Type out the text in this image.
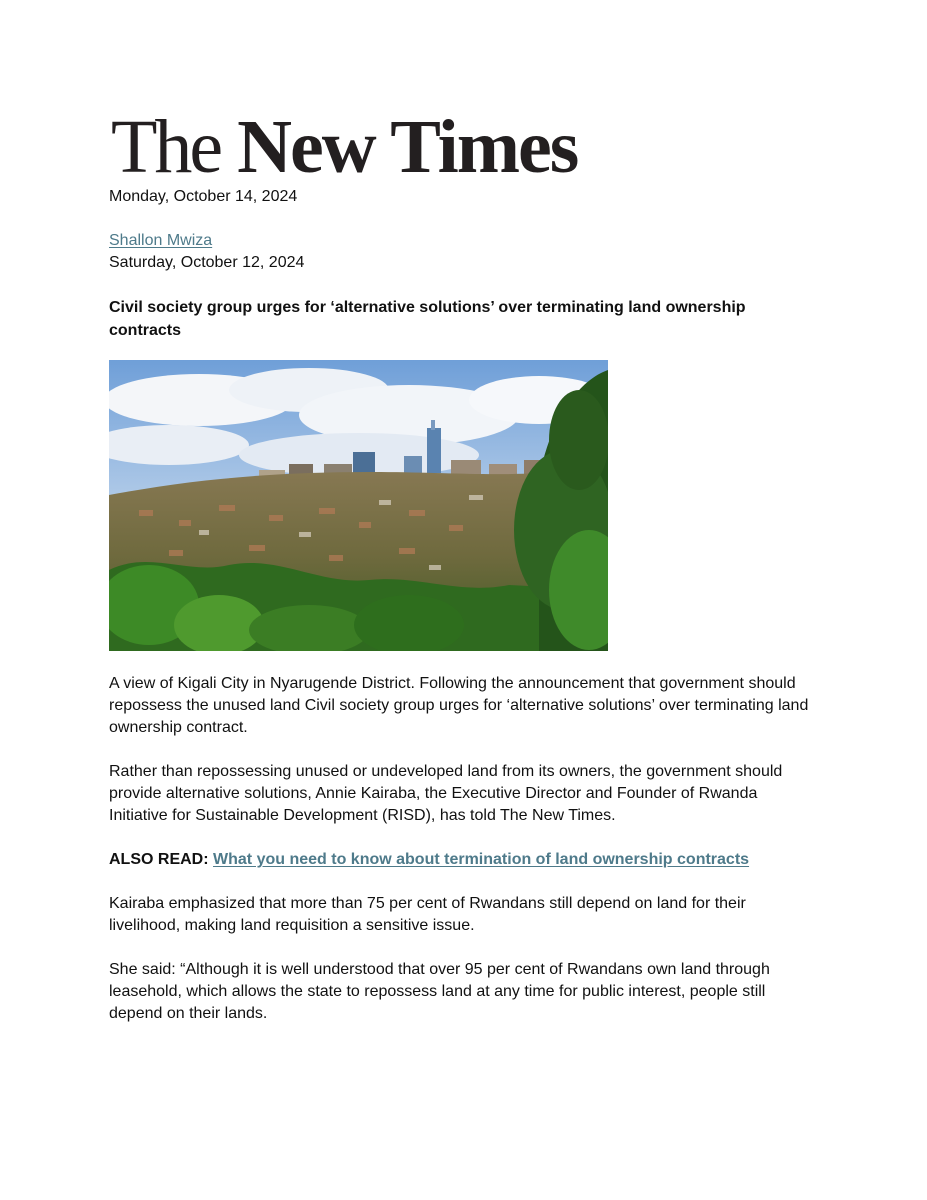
The New Times
Monday, October 14, 2024
Shallon Mwiza
Saturday, October 12, 2024
Civil society group urges for ‘alternative solutions’ over terminating land ownership contracts

A view of Kigali City in Nyarugende District. Following the announcement that government should repossess the unused land Civil society group urges for ‘alternative solutions’ over terminating land ownership contract.

Rather than repossessing unused or undeveloped land from its owners, the government should provide alternative solutions, Annie Kairaba, the Executive Director and Founder of Rwanda Initiative for Sustainable Development (RISD), has told The New Times.

ALSO READ: What you need to know about termination of land ownership contracts

Kairaba emphasized that more than 75 per cent of Rwandans still depend on land for their livelihood, making land requisition a sensitive issue.

She said: “Although it is well understood that over 95 per cent of Rwandans own land through leasehold, which allows the state to repossess land at any time for public interest, people still depend on their lands.
